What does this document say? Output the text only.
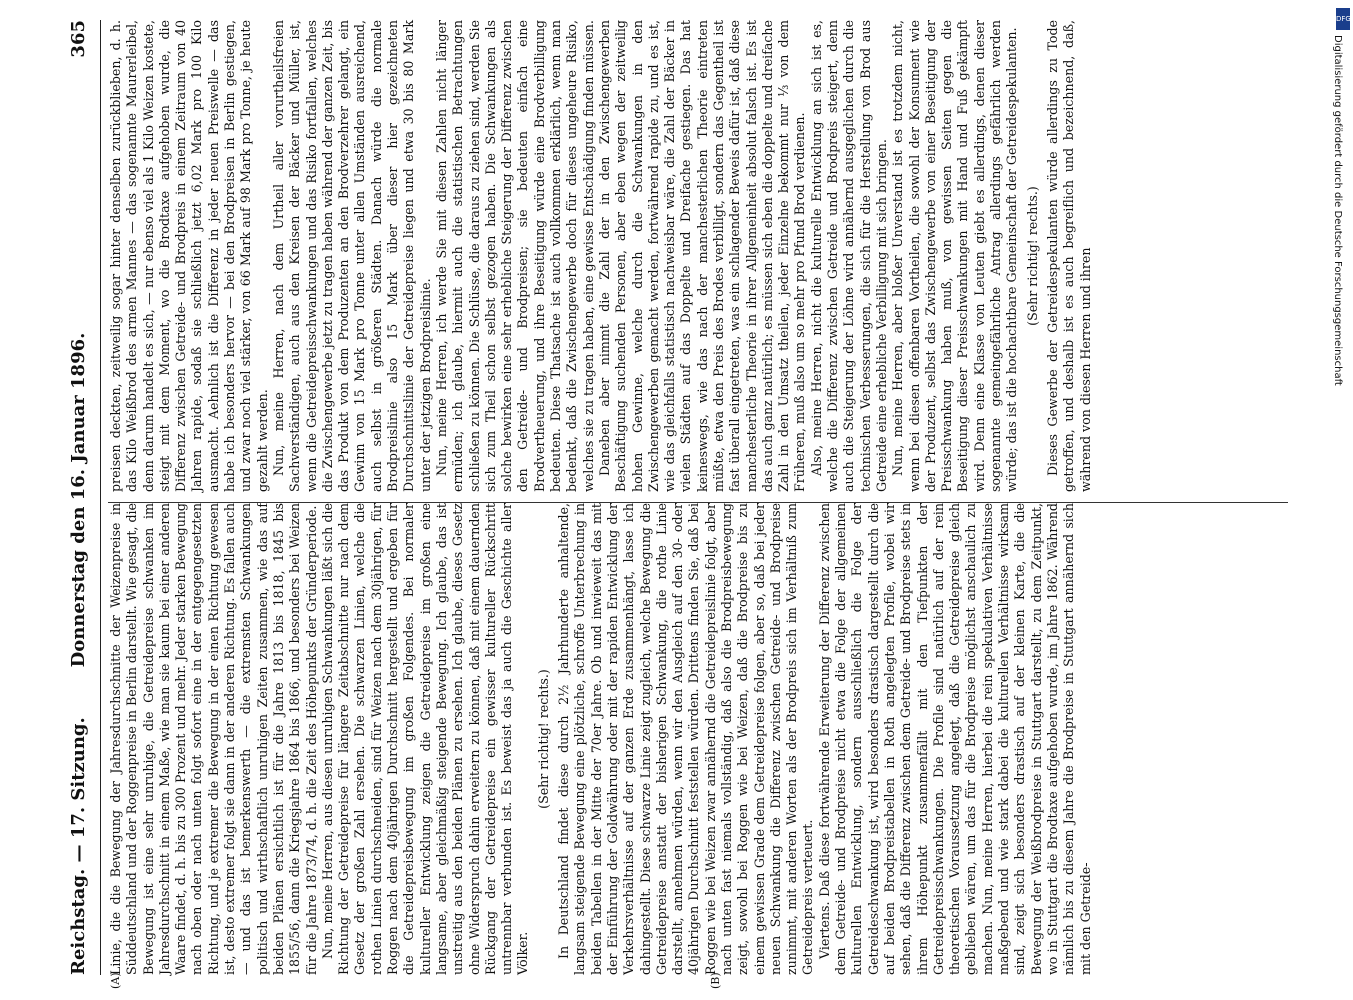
Reichstag. — 17. Sitzung.
Donnerstag den 16. Januar 1896.
365
(A)	(B)

Linie, die die Bewegung der Jahresdurchschnitte der Weizenpreise in Süddeutschland und der Roggenpreise in Berlin darstellt. Wie gesagt, die Bewegung ist eine sehr unruhige, die Getreidepreise schwanken im Jahresdurchschnitt in einem Maße, wie man sie kaum bei einer anderen Waare findet, d. h. bis zu 300 Prozent und mehr. Jeder starken Bewegung nach oben oder nach unten folgt sofort eine in der entgegengesetzten Richtung, und je extremer die Bewegung in der einen Richtung gewesen ist, desto extremer folgt sie dann in der anderen Richtung. Es fallen auch — und das ist bemerkenswerth — die extremsten Schwankungen politisch und wirthschaftlich unruhigen Zeiten zusammen, wie das auf beiden Plänen ersichtlich ist für die Jahre 1813 bis 1818, 1845 bis 1855/56, dann die Kriegsjahre 1864 bis 1866, und besonders bei Weizen für die Jahre 1873/74, d. h. die Zeit des Höhepunkts der Gründerperiode. Nun, meine Herren, aus diesen unruhigen Schwankungen läßt sich die Richtung der Getreidepreise für längere Zeitabschnitte nur nach dem Gesetz der großen Zahl ersehen. Die schwarzen Linien, welche die rothen Linien durchschneiden, sind für Weizen nach dem 30jährigen, für Roggen nach dem 40jährigen Durchschnitt hergestellt und ergeben für die Getreidepreisbewegung im großen Folgendes. Bei normaler kultureller Entwicklung zeigen die Getreidepreise im großen eine langsame, aber gleichmäßig steigende Bewegung. Ich glaube, das ist unstreitig aus den beiden Plänen zu ersehen. Ich glaube, dieses Gesetz ohne Widerspruch dahin erweitern zu können, daß mit einem dauernden Rückgang der Getreidepreise ein gewisser kultureller Rückschritt untrennbar verbunden ist. Es beweist das ja auch die Geschichte aller Völker.

(Sehr richtig! rechts.) In Deutschland findet diese durch 2½ Jahrhunderte anhaltende, langsam steigende Bewegung eine plötzliche, schroffe Unterbrechung in beiden Tabellen in der Mitte der 70er Jahre. Ob und inwieweit das mit der Einführung der Goldwährung oder mit der rapiden Entwicklung der Verkehrsverhältnisse auf der ganzen Erde zusammenhängt, lasse ich dahingestellt. Diese schwarze Linie zeigt zugleich, welche Bewegung die Getreidepreise anstatt der bisherigen Schwankung, die rothe Linie darstellt, annehmen würden, wenn wir den Ausgleich auf den 30- oder 40jährigen Durchschnitt feststellen würden. Drittens finden Sie, daß bei Roggen wie bei Weizen zwar annähernd die Getreidepreislinie folgt, aber nach unten fast niemals vollständig, daß also die Brodpreisbewegung zeigt, sowohl bei Roggen wie bei Weizen, daß die Brodpreise bis zu einem gewissen Grade dem Getreidepreise folgen, aber so, daß bei jeder neuen Schwankung die Differenz zwischen Getreide- und Brodpreise zunimmt, mit anderen Worten als der Brodpreis sich im Verhältniß zum Getreidepreis verteuert. Viertens. Daß diese fortwährende Erweiterung der Differenz zwischen dem Getreide- und Brodpreise nicht etwa die Folge der allgemeinen kulturellen Entwicklung, sondern ausschließlich die Folge der Getreideschwankung ist, wird besonders drastisch dargestellt durch die auf beiden Brodpreistabellen in Roth angelegten Profile, wobei wir sehen, daß die Differenz zwischen dem Getreide- und Brodpreise stets in ihrem Höhepunkt zusammenfällt mit den Tiefpunkten der Getreidepreisschwankungen. Die Profile sind natürlich auf der rein theoretischen Voraussetzung angelegt, daß die Getreidepreise gleich geblieben wären, um das für die Brodpreise möglichst anschaulich zu machen. Nun, meine Herren, hierbei die rein spekulativen Verhältnisse maßgebend und wie stark dabei die kulturellen Verhältnisse wirksam sind, zeigt sich besonders drastisch auf der kleinen Karte, die die Bewegung der Weißbrodpreise in Stuttgart darstellt, zu dem Zeitpunkt, wo in Stuttgart die Brodtaxe aufgehoben wurde, im Jahre 1862. Während nämlich bis zu diesem Jahre die Brodpreise in Stuttgart annähernd sich mit den Getreide-

preisen deckten, zeitweilig sogar hinter denselben zurückblieben, d. h. das Kilo Weißbrod des armen Mannes — das sogenannte Maurerleibel, denn darum handelt es sich, — nur ebenso viel als 1 Kilo Weizen kostete, steigt mit dem Moment, wo die Brodtaxe aufgehoben wurde, die Differenz zwischen Getreide- und Brodpreis in einem Zeitraum von 40 Jahren rapide, sodaß sie schließlich jetzt 6,02 Mark pro 100 Kilo ausmacht. Aehnlich ist die Differenz in jeder neuen Preiswelle — das habe ich besonders hervor — bei den Brodpreisen in Berlin gestiegen, und zwar noch viel stärker, von 66 Mark auf 98 Mark pro Tonne, je heute gezahlt werden. Nun, meine Herren, nach dem Urtheil aller vorurtheilsfreien Sachverständigen, auch aus den Kreisen der Bäcker und Müller, ist, wenn die Getreidepreisschwankungen und das Risiko fortfallen, welches die Zwischengewerbe jetzt zu tragen haben während der ganzen Zeit, bis das Produkt von dem Produzenten an den Brodverzehrer gelangt, ein Gewinn von 15 Mark pro Tonne unter allen Umständen ausreichend, auch selbst in größeren Städten. Danach würde die normale Brodpreislinie also 15 Mark über dieser hier gezeichneten Durchschnittslinie der Getreidepreise liegen und etwa 30 bis 80 Mark unter der jetzigen Brodpreislinie. Nun, meine Herren, ich werde Sie mit diesen Zahlen nicht länger ermüden; ich glaube, hiermit auch die statistischen Betrachtungen schließen zu können. Die Schlüsse, die daraus zu ziehen sind, werden Sie sich zum Theil schon selbst gezogen haben. Die Schwankungen als solche bewirken eine sehr erhebliche Steigerung der Differenz zwischen den Getreide- und Brodpreisen; sie bedeuten einfach eine Brodvertheuerung, und ihre Beseitigung würde eine Brodverbilligung bedeuten. Diese Thatsache ist auch vollkommen erklärlich, wenn man bedenkt, daß die Zwischengewerbe doch für dieses ungeheure Risiko, welches sie zu tragen haben, eine gewisse Entschädigung finden müssen. Daneben aber nimmt die Zahl der in den Zwischengewerben Beschäftigung suchenden Personen, aber eben wegen der zeitweilig hohen Gewinne, welche durch die Schwankungen in den Zwischengewerben gemacht werden, fortwährend rapide zu, und es ist, wie das gleichfalls statistisch nachweisbar wäre, die Zahl der Bäcker in vielen Städten auf das Doppelte und Dreifache gestiegen. Das hat keineswegs, wie das nach der manchesterlichen Theorie eintreten müßte, etwa den Preis des Brodes verbilligt, sondern das Gegentheil ist fast überall eingetreten, was ein schlagender Beweis dafür ist, daß diese manchesterliche Theorie in ihrer Allgemeinheit absolut falsch ist. Es ist das auch ganz natürlich; es müssen sich eben die doppelte und dreifache Zahl in den Umsatz theilen, jeder Einzelne bekommt nur ⅓ von dem Früheren, muß also um so mehr pro Pfund Brod verdienen. Also, meine Herren, nicht die kulturelle Entwicklung an sich ist es, welche die Differenz zwischen Getreide und Brodpreis steigert, denn auch die Steigerung der Löhne wird annähernd ausgeglichen durch die technischen Verbesserungen, die sich für die Herstellung von Brod aus Getreide eine erhebliche Verbilligung mit sich bringen. Nun, meine Herren, aber bloßer Unverstand ist es trotzdem nicht, wenn bei diesen offenbaren Vortheilen, die sowohl der Konsument wie der Produzent, selbst das Zwischengewerbe von einer Beseitigung der Preisschwankung haben muß, von gewissen Seiten gegen die Beseitigung dieser Preisschwankungen mit Hand und Fuß gekämpft wird. Denn eine Klasse von Leuten giebt es allerdings, denen dieser sogenannte gemeingefährliche Antrag allerdings gefährlich werden würde; das ist die hochachtbare Gemeinschaft der Getreidespekulanten. (Sehr richtig! rechts.) Dieses Gewerbe der Getreidespekulanten würde allerdings zu Tode getroffen, und deshalb ist es auch begreiflich und bezeichnend, daß, während von diesen Herren und ihren

DFG
Digitalisierung gefördert durch die Deutsche Forschungsgemeinschaft
